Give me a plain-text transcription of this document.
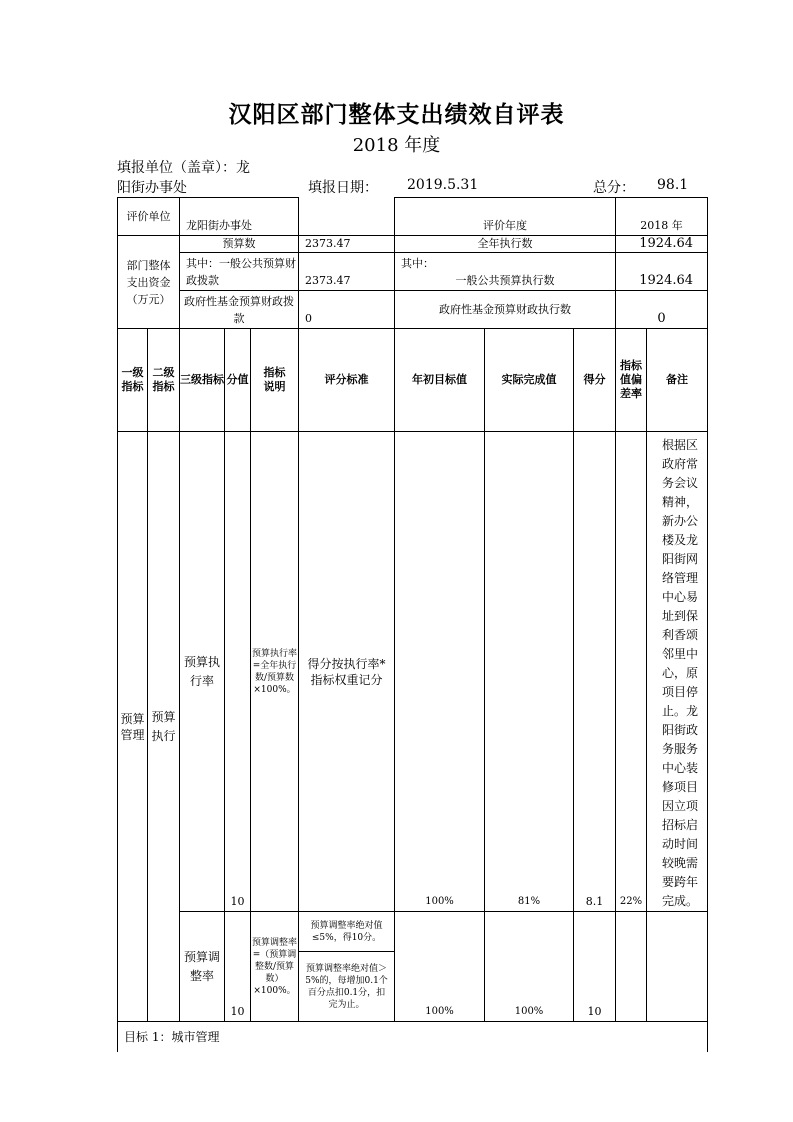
汉阳区部门整体支出绩效自评表
2018 年度
填报单位（盖章）：龙
阳街办事处	填报日期： 2019.5.31	总分： 98.1
评价单位		龙阳街办事处				评价年度			2018 年	
部门整体支出资金（万元）		预算数			2373.47	全年执行数			1924.64	
		其中：一般公共预算财政拨款			2373.47	其中：
一般公共预算执行数			1924.64	
		政府性基金预算财政拨款			0	政府性基金预算财政执行数			0	
一级指标	二级指标	三级指标	分值	指标说明	评分标准	年初目标值	实际完成值	得分	指标值偏差率	备注
预算管理	预算执行	预算执行率	10	预算执行率=全年执行数/预算数×100%。	得分按执行率*指标权重记分	100%	81%	8.1	22%	根据区政府常务会议精神，新办公楼及龙阳街网络管理中心易址到保利香颂邻里中心，原项目停止。龙阳街政务服务中心装修项目因立项招标启动时间较晚需要跨年完成。
		预算调整率	10	预算调整率=（预算调整数/预算数）×100%。	预算调整率绝对值≤5%，得10分。	100%	100%	10		
					预算调整率绝对值＞5%的，每增加0.1个百分点扣0.1分，扣完为止。					
目标 1：城市管理										
